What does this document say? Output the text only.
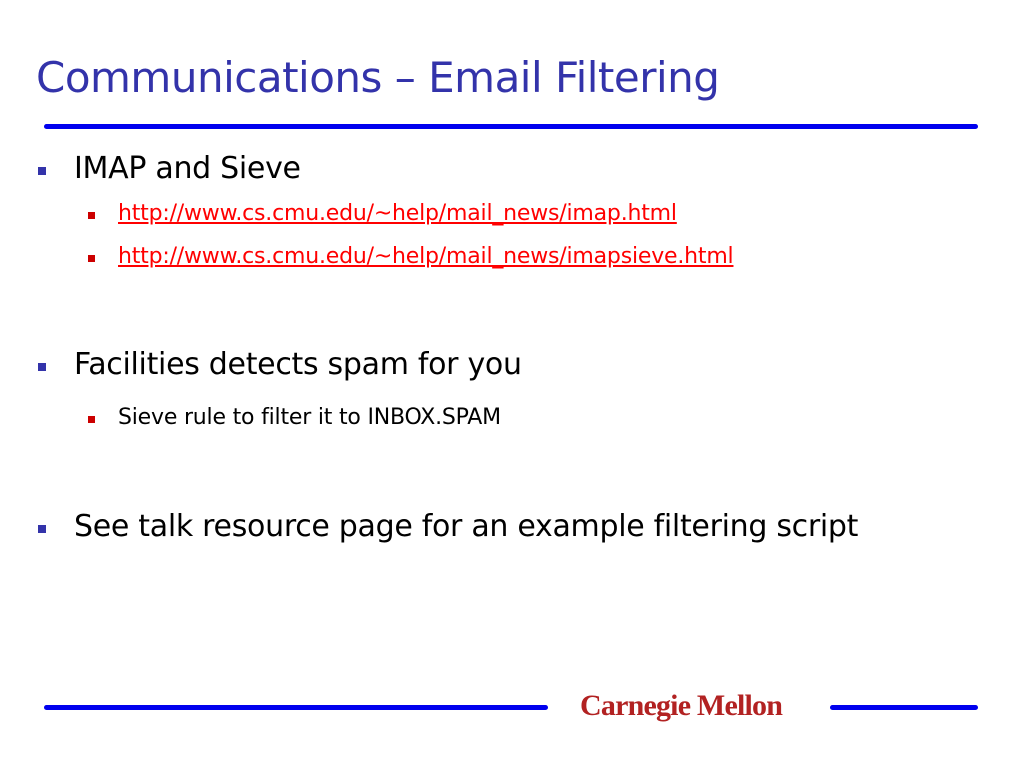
Communications – Email Filtering
IMAP and Sieve
http://www.cs.cmu.edu/~help/mail_news/imap.html
http://www.cs.cmu.edu/~help/mail_news/imapsieve.html
Facilities detects spam for you
Sieve rule to filter it to INBOX.SPAM
See talk resource page for an example filtering script
Carnegie Mellon
